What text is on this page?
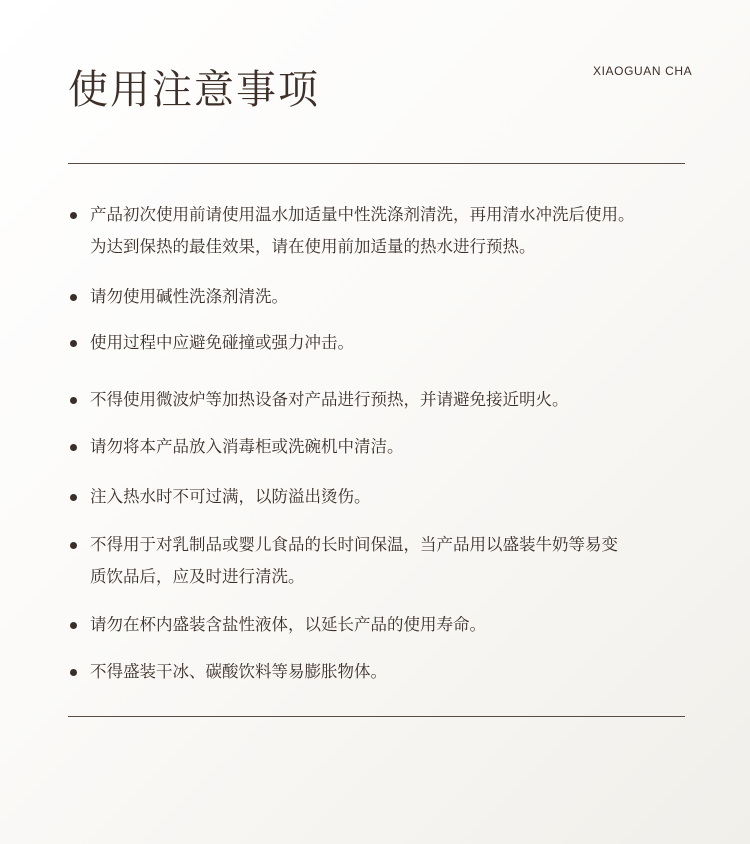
使用注意事项	XIAOGUAN CHA
产品初次使用前请使用温水加适量中性洗涤剂清洗，再用清水冲洗后使用。
为达到保热的最佳效果，请在使用前加适量的热水进行预热。
请勿使用碱性洗涤剂清洗。
使用过程中应避免碰撞或强力冲击。
不得使用微波炉等加热设备对产品进行预热，并请避免接近明火。
请勿将本产品放入消毒柜或洗碗机中清洁。
注入热水时不可过满，以防溢出烫伤。
不得用于对乳制品或婴儿食品的长时间保温，当产品用以盛装牛奶等易变
质饮品后，应及时进行清洗。
请勿在杯内盛装含盐性液体，以延长产品的使用寿命。
不得盛装干冰、碳酸饮料等易膨胀物体。
